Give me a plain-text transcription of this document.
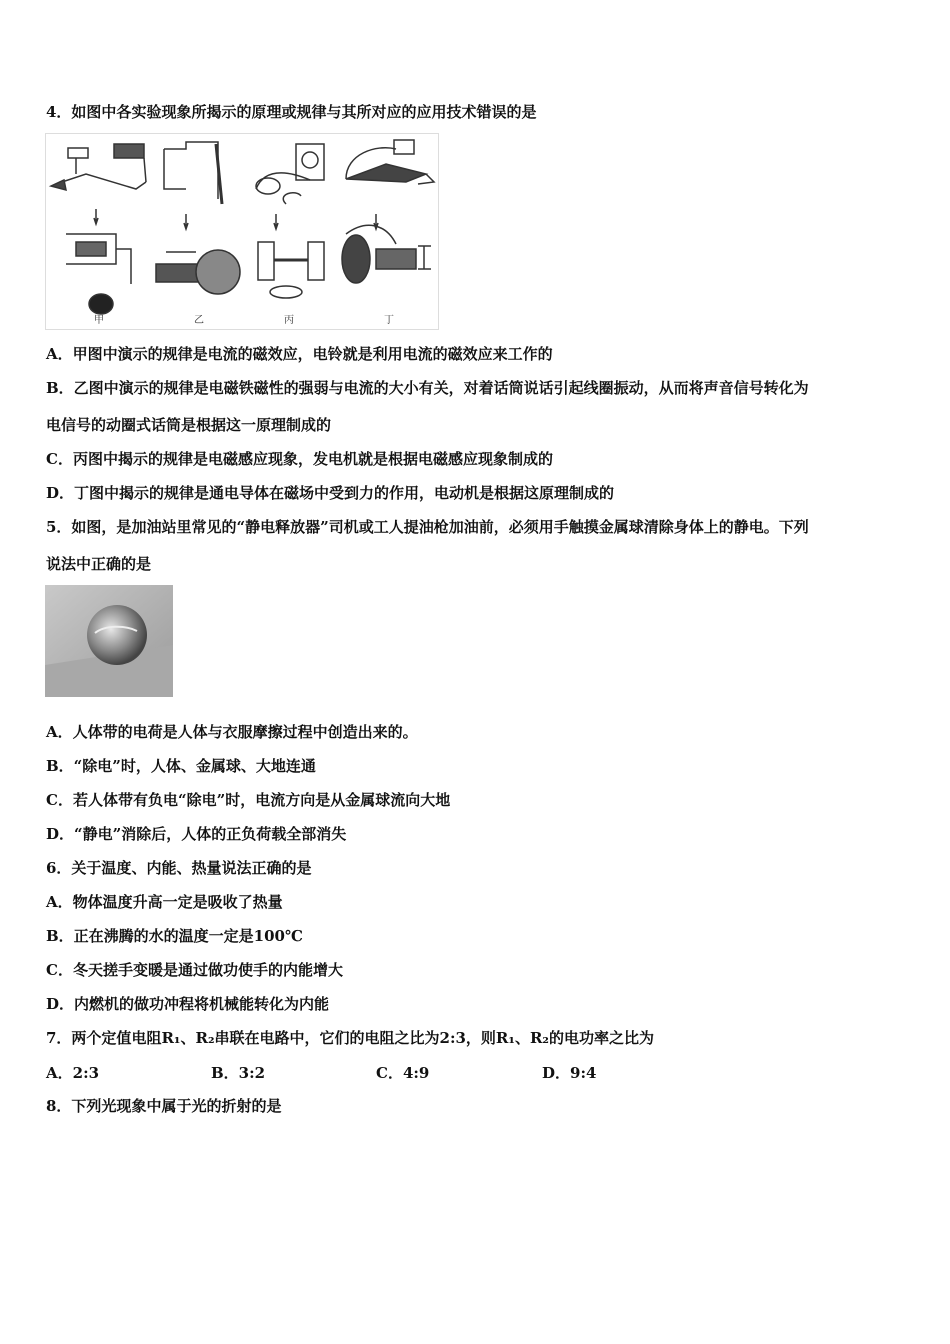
4．如图中各实验现象所揭示的原理或规律与其所对应的应用技术错误的是
甲	乙	丙	丁
A．甲图中演示的规律是电流的磁效应，电铃就是利用电流的磁效应来工作的
B．乙图中演示的规律是电磁铁磁性的强弱与电流的大小有关，对着话筒说话引起线圈振动，从而将声音信号转化为
电信号的动圈式话筒是根据这一原理制成的
C．丙图中揭示的规律是电磁感应现象，发电机就是根据电磁感应现象制成的
D．丁图中揭示的规律是通电导体在磁场中受到力的作用，电动机是根据这原理制成的
5．如图，是加油站里常见的“静电释放器”司机或工人提油枪加油前，必须用手触摸金属球清除身体上的静电。下列
说法中正确的是
A．人体带的电荷是人体与衣服摩擦过程中创造出来的。
B．“除电”时，人体、金属球、大地连通
C．若人体带有负电“除电”时，电流方向是从金属球流向大地
D．“静电”消除后，人体的正负荷载全部消失
6．关于温度、内能、热量说法正确的是
A．物体温度升高一定是吸收了热量
B．正在沸腾的水的温度一定是100℃
C．冬天搓手变暖是通过做功使手的内能增大
D．内燃机的做功冲程将机械能转化为内能
7．两个定值电阻R₁、R₂串联在电路中，它们的电阻之比为2:3，则R₁、R₂的电功率之比为
A．2:3	B．3:2	C．4:9	D．9:4
8．下列光现象中属于光的折射的是
